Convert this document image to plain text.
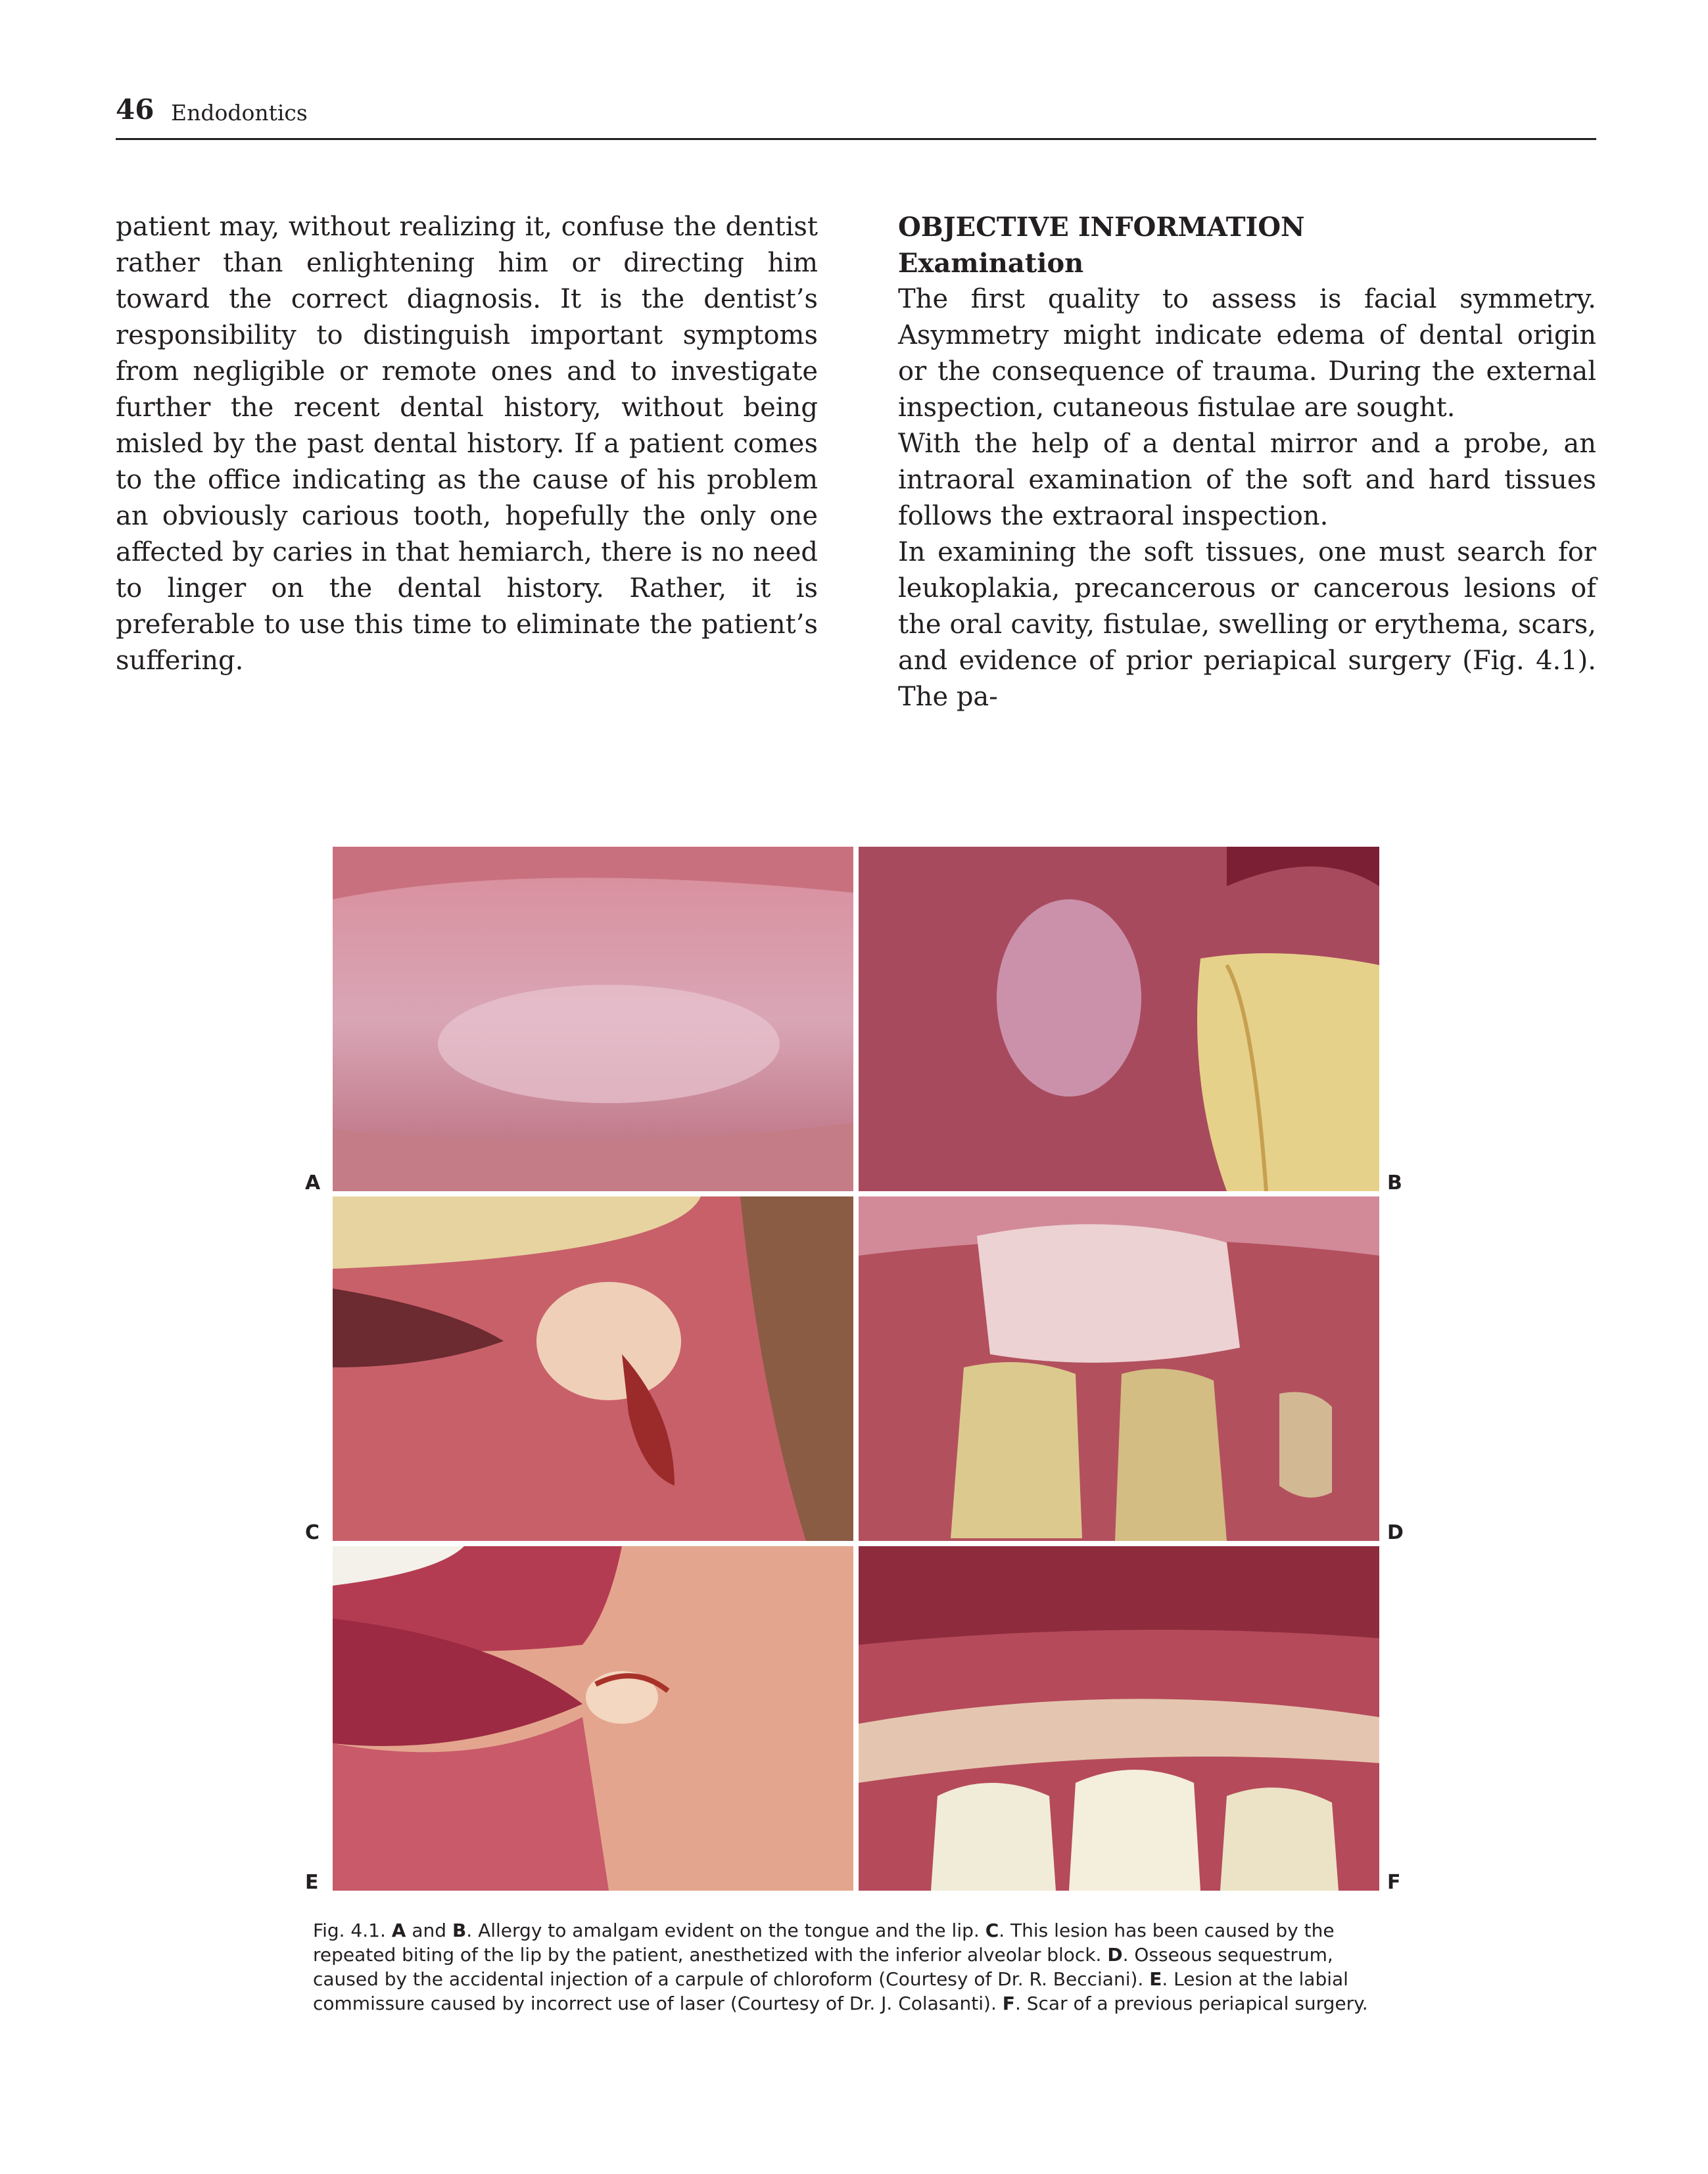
46 Endodontics

patient may, without realizing it, confuse the dentist rather than enlightening him or directing him toward the correct diagnosis. It is the dentist’s responsibility to distinguish important symptoms from negligible or remote ones and to investigate further the recent dental history, without being misled by the past dental history. If a patient comes to the office indicating as the cause of his problem an obviously carious tooth, hopefully the only one affected by caries in that hemiarch, there is no need to linger on the dental history. Rather, it is preferable to use this time to eliminate the patient’s suffering.

OBJECTIVE INFORMATION

Examination

The first quality to assess is facial symmetry. Asymmetry might indicate edema of dental origin or the consequence of trauma. During the external inspection, cutaneous fistulae are sought.

With the help of a dental mirror and a probe, an intraoral examination of the soft and hard tissues follows the extraoral inspection.

In examining the soft tissues, one must search for leukoplakia, precancerous or cancerous lesions of the oral cavity, fistulae, swelling or erythema, scars, and evidence of prior periapical surgery (Fig. 4.1). The pa-

A	B
C	D
E	F
Fig. 4.1. A and B. Allergy to amalgam evident on the tongue and the lip. C. This lesion has been caused by the repeated biting of the lip by the patient, anesthetized with the inferior alveolar block. D. Osseous sequestrum, caused by the accidental injection of a carpule of chloroform (Courtesy of Dr. R. Becciani). E. Lesion at the labial commissure caused by incorrect use of laser (Courtesy of Dr. J. Colasanti). F. Scar of a previous periapical surgery.
